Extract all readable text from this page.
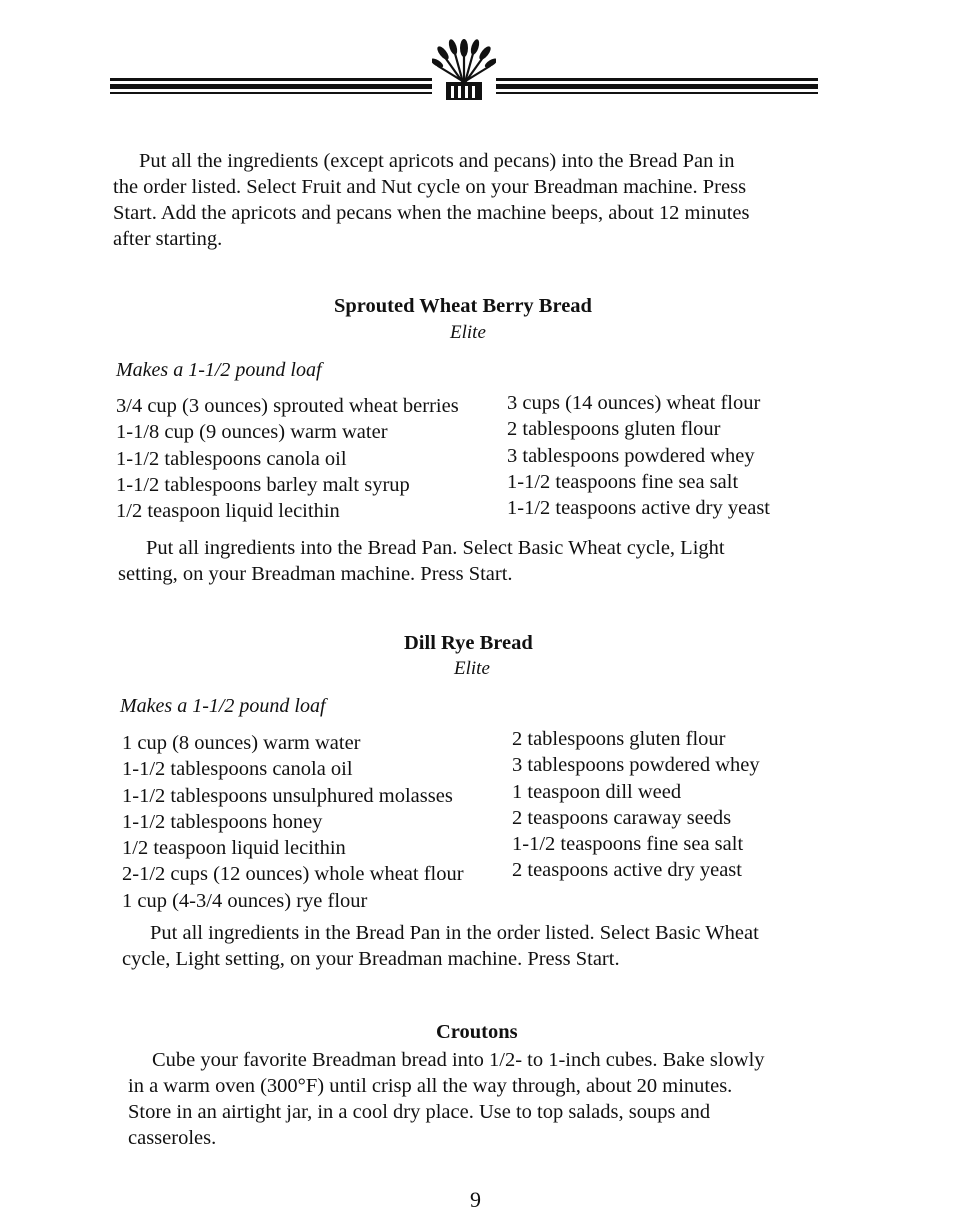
Put all the ingredients (except apricots and pecans) into the Bread Pan in
the order listed. Select Fruit and Nut cycle on your Breadman machine. Press
Start. Add the apricots and pecans when the machine beeps, about 12 minutes
after starting.
Sprouted Wheat Berry Bread
Elite
Makes a 1-1/2 pound loaf
3/4 cup (3 ounces) sprouted wheat berries
1-1/8 cup (9 ounces) warm water
1-1/2 tablespoons canola oil
1-1/2 tablespoons barley malt syrup
1/2 teaspoon liquid lecithin
3 cups (14 ounces) wheat flour
2 tablespoons gluten flour
3 tablespoons powdered whey
1-1/2 teaspoons fine sea salt
1-1/2 teaspoons active dry yeast
Put all ingredients into the Bread Pan. Select Basic Wheat cycle, Light
setting, on your Breadman machine. Press Start.
Dill Rye Bread
Elite
Makes a 1-1/2 pound loaf
1 cup (8 ounces) warm water
1-1/2 tablespoons canola oil
1-1/2 tablespoons unsulphured molasses
1-1/2 tablespoons honey
1/2 teaspoon liquid lecithin
2-1/2 cups (12 ounces) whole wheat flour
1 cup (4-3/4 ounces) rye flour
2 tablespoons gluten flour
3 tablespoons powdered whey
1 teaspoon dill weed
2 teaspoons caraway seeds
1-1/2 teaspoons fine sea salt
2 teaspoons active dry yeast
Put all ingredients in the Bread Pan in the order listed. Select Basic Wheat
cycle, Light setting, on your Breadman machine. Press Start.
Croutons
Cube your favorite Breadman bread into 1/2- to 1-inch cubes. Bake slowly
in a warm oven (300°F) until crisp all the way through, about 20 minutes.
Store in an airtight jar, in a cool dry place. Use to top salads, soups and
casseroles.
9
